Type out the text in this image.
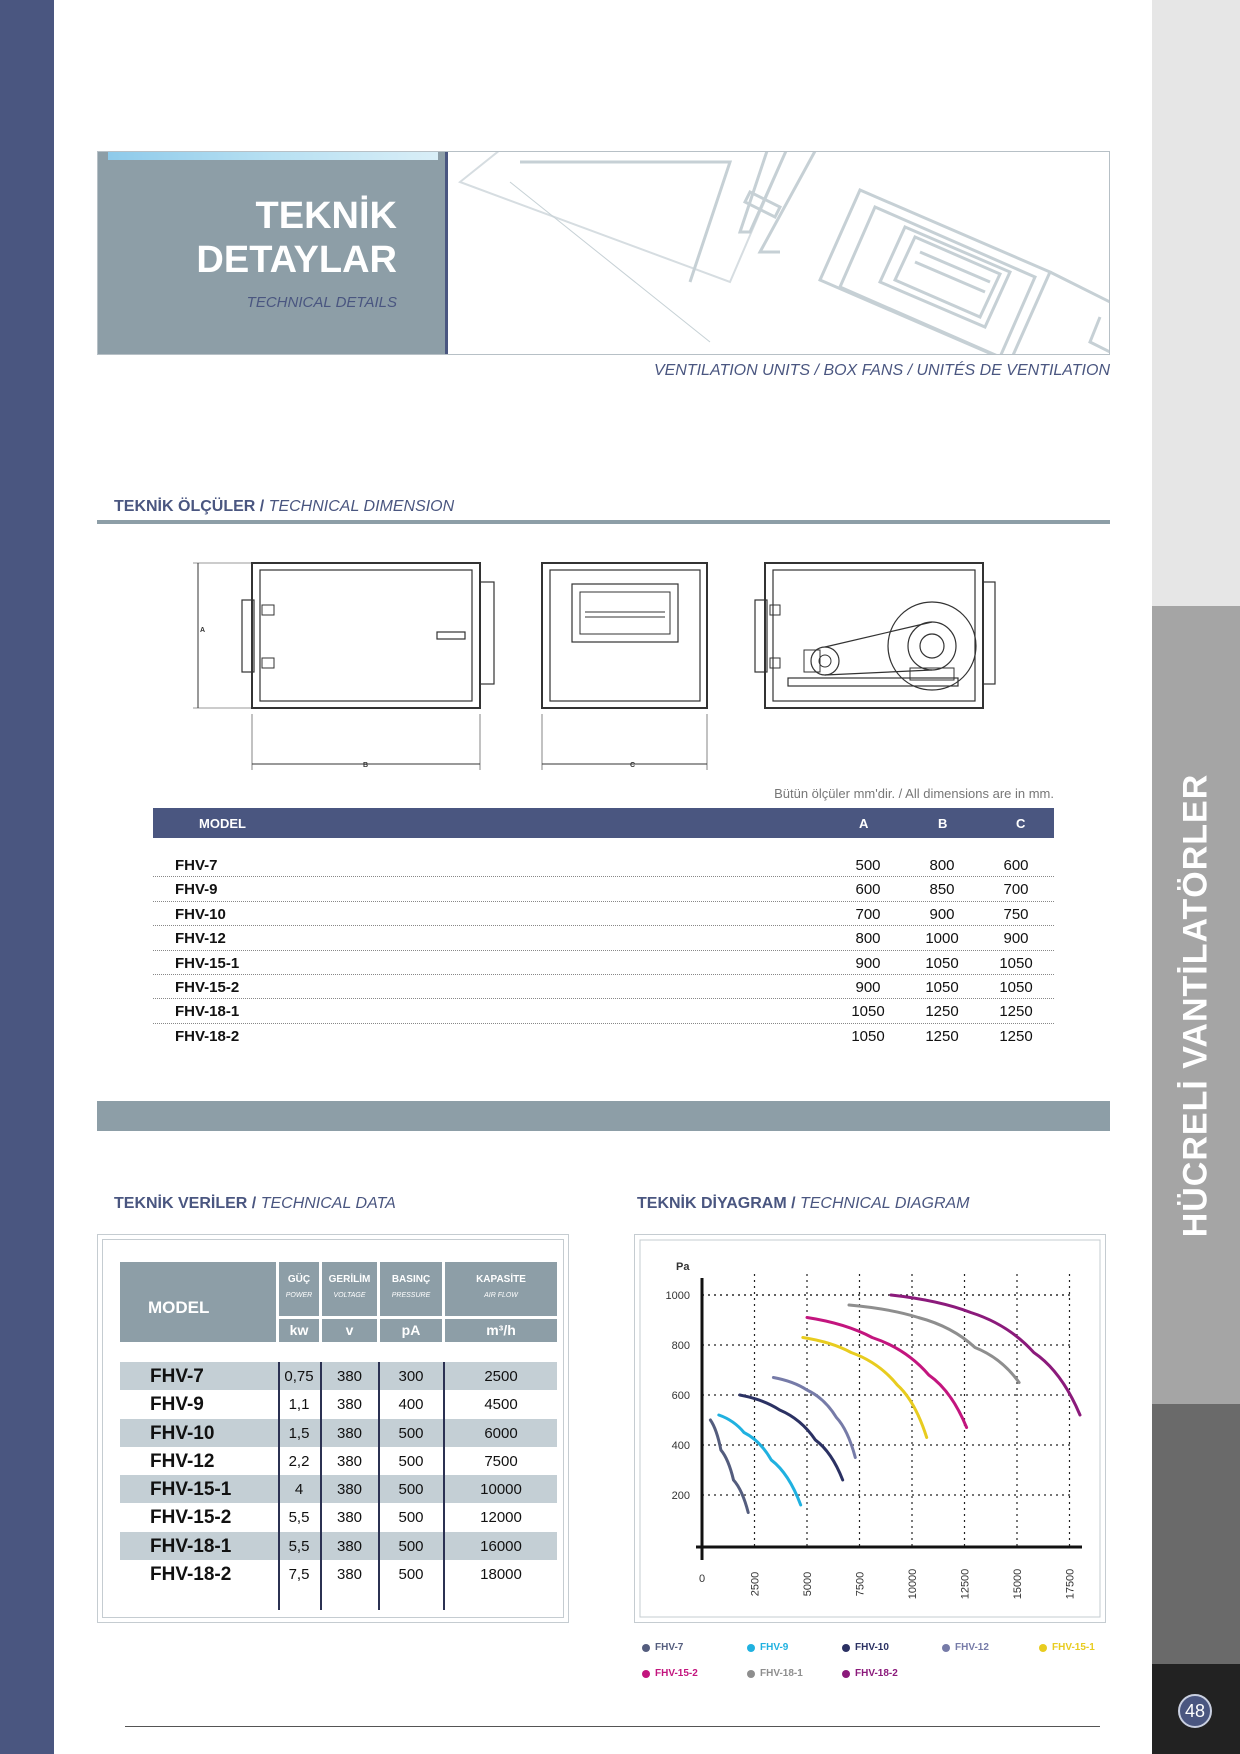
HÜCRELİ VANTİLATÖRLER
48
TEKNİK
DETAYLAR
TECHNICAL DETAILS
VENTILATION UNITS / BOX FANS / UNITÉS DE VENTILATION
TEKNİK ÖLÇÜLER / TECHNICAL DIMENSION
A
B	C
Bütün ölçüler mm'dir. / All dimensions are in mm.
MODEL	A	B	C
FHV-7	500	800	600
FHV-9	600	850	700
FHV-10	700	900	750
FHV-12	800	1000	900
FHV-15-1	900	1050	1050
FHV-15-2	900	1050	1050
FHV-18-1	1050	1250	1250
FHV-18-2	1050	1250	1250
TEKNİK VERİLER / TECHNICAL DATA
MODEL
GÜÇ
POWER
GERİLİM
VOLTAGE
BASINÇ
PRESSURE
KAPASİTE
AIR FLOW
kw	v	pA	m³/h
FHV-7	0,75	380	300	2500
FHV-9	1,1	380	400	4500
FHV-10	1,5	380	500	6000
FHV-12	2,2	380	500	7500
FHV-15-1	4	380	500	10000
FHV-15-2	5,5	380	500	12000
FHV-18-1	5,5	380	500	16000
FHV-18-2	7,5	380	500	18000
TEKNİK DİYAGRAM / TECHNICAL DIAGRAM
Pa
200
400
600
800
1000
0	2500	5000	7500	10000	12500	15000	17500
FHV-7	FHV-9	FHV-10	FHV-12	FHV-15-1
FHV-15-2	FHV-18-1	FHV-18-2
